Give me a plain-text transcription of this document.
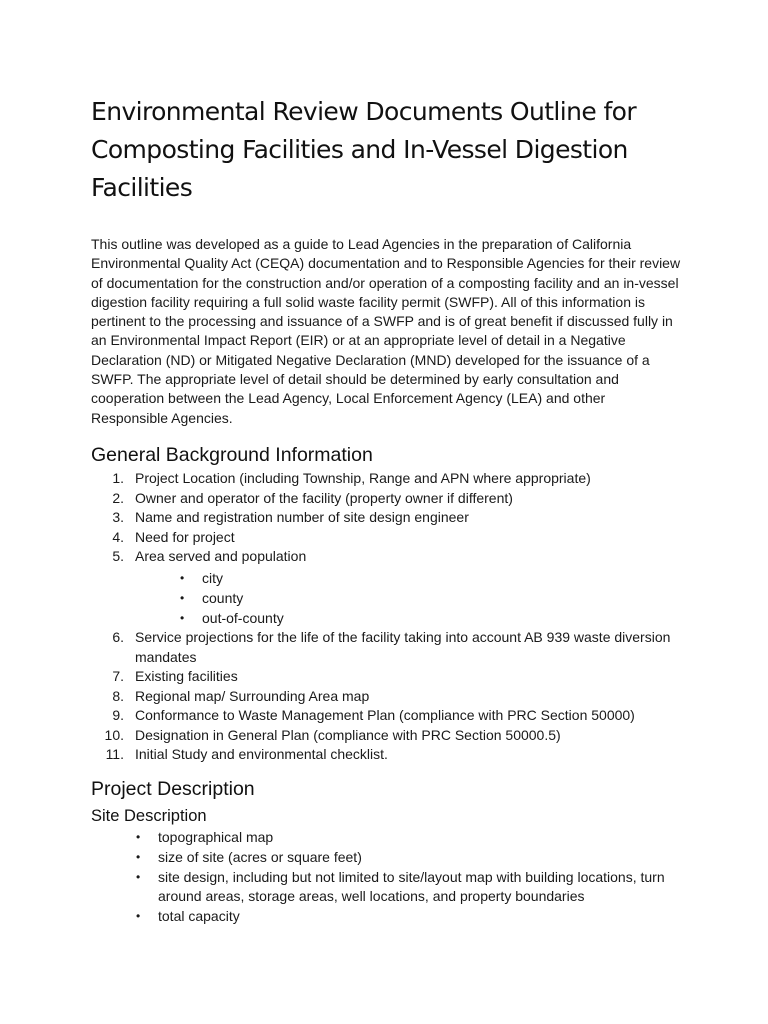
Environmental Review Documents Outline for Composting Facilities and In-Vessel Digestion Facilities

This outline was developed as a guide to Lead Agencies in the preparation of California Environmental Quality Act (CEQA) documentation and to Responsible Agencies for their review of documentation for the construction and/or operation of a composting facility and an in-vessel digestion facility requiring a full solid waste facility permit (SWFP). All of this information is pertinent to the processing and issuance of a SWFP and is of great benefit if discussed fully in an Environmental Impact Report (EIR) or at an appropriate level of detail in a Negative Declaration (ND) or Mitigated Negative Declaration (MND) developed for the issuance of a SWFP. The appropriate level of detail should be determined by early consultation and cooperation between the Lead Agency, Local Enforcement Agency (LEA) and other Responsible Agencies.

General Background Information
1. Project Location (including Township, Range and APN where appropriate)
2. Owner and operator of the facility (property owner if different)
3. Name and registration number of site design engineer
4. Need for project
5. Area served and population
• city
• county
• out-of-county
6. Service projections for the life of the facility taking into account AB 939 waste diversion mandates
7. Existing facilities
8. Regional map/ Surrounding Area map
9. Conformance to Waste Management Plan (compliance with PRC Section 50000)
10. Designation in General Plan (compliance with PRC Section 50000.5)
11. Initial Study and environmental checklist.
Project Description
Site Description
• topographical map
• size of site (acres or square feet)
• site design, including but not limited to site/layout map with building locations, turn around areas, storage areas, well locations, and property boundaries
• total capacity
